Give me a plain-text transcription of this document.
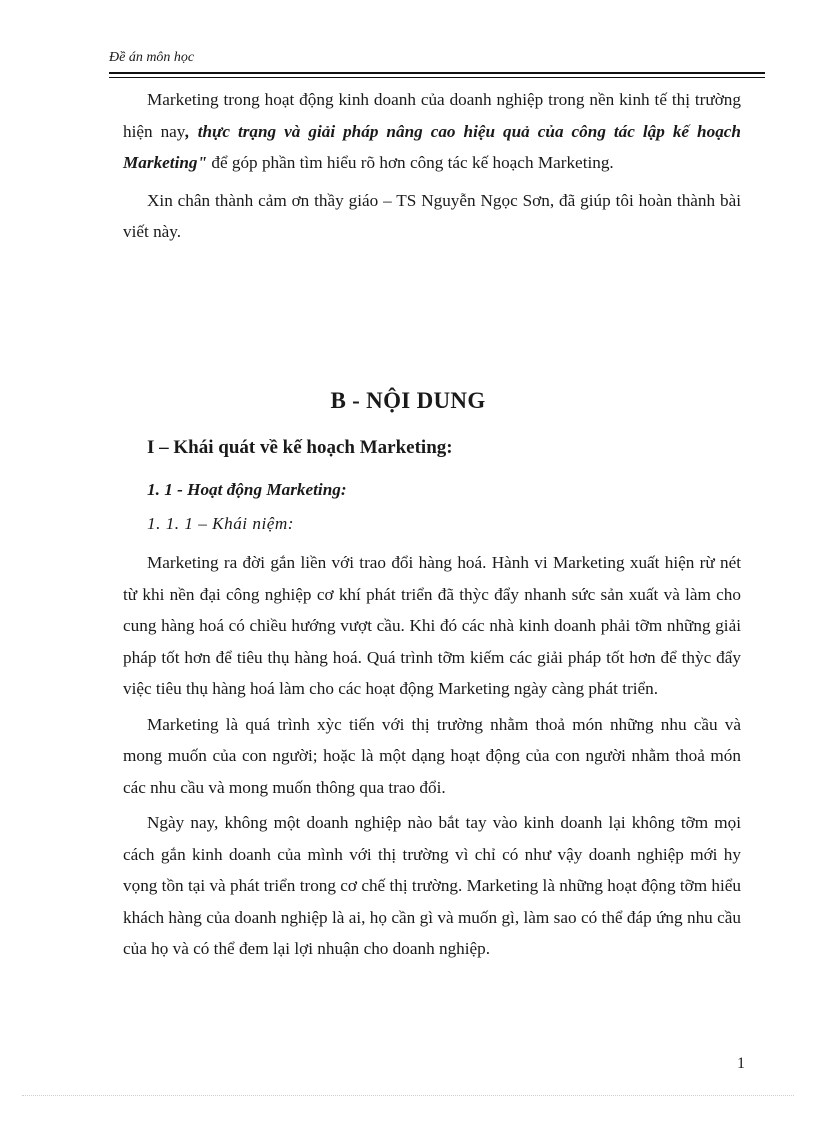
Đề án môn học

Marketing trong hoạt động kinh doanh của doanh nghiệp trong nền kinh tế thị trường hiện nay, thực trạng và giải pháp nâng cao hiệu quả của công tác lập kế hoạch Marketing" để góp phần tìm hiểu rõ hơn công tác kế hoạch Marketing.

Xin chân thành cảm ơn thầy giáo – TS Nguyễn Ngọc Sơn, đã giúp tôi hoàn thành bài viết này.

B - NỘI DUNG
I – Khái quát về kế hoạch Marketing:
1. 1 - Hoạt động Marketing:
1. 1. 1 – Khái niệm:

Marketing ra đời gắn liền với trao đổi hàng hoá. Hành vi Marketing xuất hiện rừ nét từ khi nền đại công nghiệp cơ khí phát triển đã thỳc đẩy nhanh sức sản xuất và làm cho cung hàng hoá có chiều hướng vượt cầu. Khi đó các nhà kinh doanh phải tỡm những giải pháp tốt hơn để tiêu thụ hàng hoá. Quá trình tỡm kiếm các giải pháp tốt hơn để thỳc đẩy việc tiêu thụ hàng hoá làm cho các hoạt động Marketing ngày càng phát triển.

Marketing là quá trình xỳc tiến với thị trường nhằm thoả món những nhu cầu và mong muốn của con người; hoặc là một dạng hoạt động của con người nhằm thoả món các nhu cầu và mong muốn thông qua trao đổi.

Ngày nay, không một doanh nghiệp nào bắt tay vào kinh doanh lại không tỡm mọi cách gắn kinh doanh của mình với thị trường vì chỉ có như vậy doanh nghiệp mới hy vọng tồn tại và phát triển trong cơ chế thị trường. Marketing là những hoạt động tỡm hiểu khách hàng của doanh nghiệp là ai, họ cần gì và muốn gì, làm sao có thể đáp ứng nhu cầu của họ và có thể đem lại lợi nhuận cho doanh nghiệp.

1
